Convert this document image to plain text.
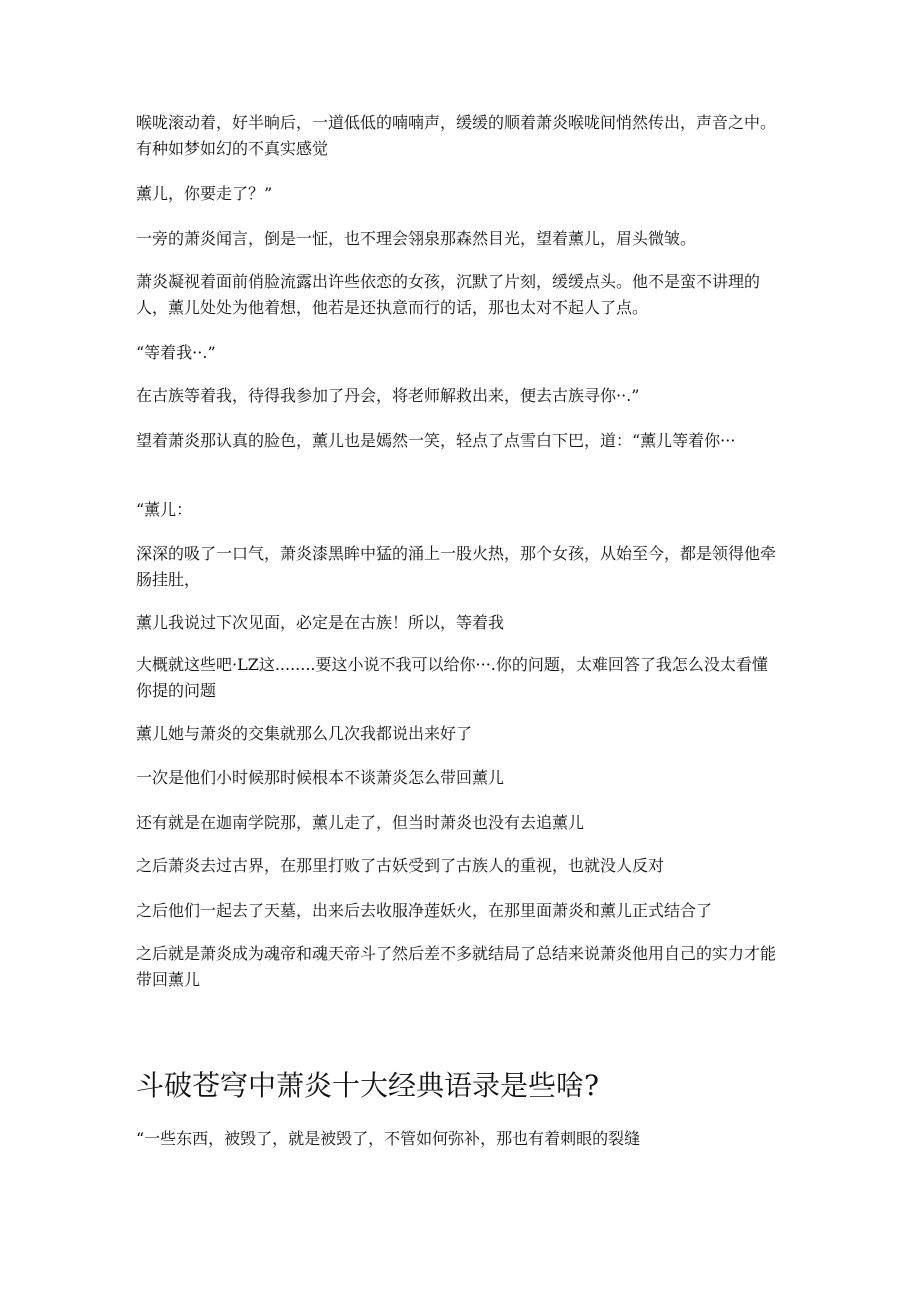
喉咙滚动着，好半晌后，一道低低的喃喃声，缓缓的顺着萧炎喉咙间悄然传出，声音之中。有种如梦如幻的不真实感觉

薰儿，你要走了？”

一旁的萧炎闻言，倒是一怔，也不理会翎泉那森然目光，望着薰儿，眉头微皱。

萧炎凝视着面前俏脸流露出许些依恋的女孩，沉默了片刻，缓缓点头。他不是蛮不讲理的人，薰儿处处为他着想，他若是还执意而行的话，那也太对不起人了点。

“等着我··.”

在古族等着我，待得我参加了丹会，将老师解救出来，便去古族寻你··.”

望着萧炎那认真的脸色，薰儿也是嫣然一笑，轻点了点雪白下巴，道：“薰儿等着你···

“薰儿：

深深的吸了一口气，萧炎漆黑眸中猛的涌上一股火热，那个女孩，从始至今，都是领得他牵肠挂肚，

薰儿我说过下次见面，必定是在古族！所以，等着我

大概就这些吧·LZ这........要这小说不我可以给你···.你的问题，太难回答了我怎么没太看懂你提的问题

薰儿她与萧炎的交集就那么几次我都说出来好了

一次是他们小时候那时候根本不谈萧炎怎么带回薰儿

还有就是在迦南学院那，薰儿走了，但当时萧炎也没有去追薰儿

之后萧炎去过古界，在那里打败了古妖受到了古族人的重视，也就没人反对

之后他们一起去了天墓，出来后去收服净莲妖火，在那里面萧炎和薰儿正式结合了

之后就是萧炎成为魂帝和魂天帝斗了然后差不多就结局了总结来说萧炎他用自己的实力才能带回薰儿

斗破苍穹中萧炎十大经典语录是些啥?

“一些东西，被毁了，就是被毁了，不管如何弥补，那也有着刺眼的裂缝
